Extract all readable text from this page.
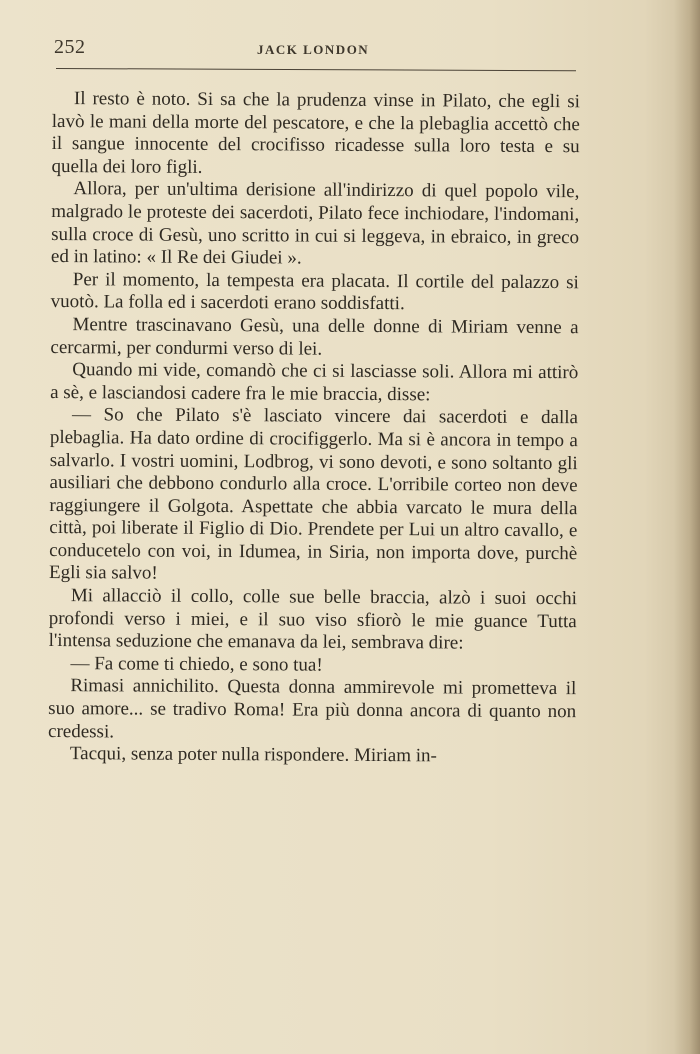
252	JACK LONDON

Il resto è noto. Si sa che la prudenza vinse in Pilato, che egli si lavò le mani della morte del pescatore, e che la plebaglia accettò che il sangue innocente del crocifisso ricadesse sulla loro testa e su quella dei loro figli.

Allora, per un'ultima derisione all'indirizzo di quel popolo vile, malgrado le proteste dei sacerdoti, Pilato fece inchiodare, l'indomani, sulla croce di Gesù, uno scritto in cui si leggeva, in ebraico, in greco ed in latino: « Il Re dei Giudei ».

Per il momento, la tempesta era placata. Il cortile del palazzo si vuotò. La folla ed i sacerdoti erano soddisfatti.

Mentre trascinavano Gesù, una delle donne di Miriam venne a cercarmi, per condurmi verso di lei.

Quando mi vide, comandò che ci si lasciasse soli. Allora mi attirò a sè, e lasciandosi cadere fra le mie braccia, disse:

— So che Pilato s'è lasciato vincere dai sacerdoti e dalla plebaglia. Ha dato ordine di crocifiggerlo. Ma si è ancora in tempo a salvarlo. I vostri uomini, Lodbrog, vi sono devoti, e sono soltanto gli ausiliari che debbono condurlo alla croce. L'orribile corteo non deve raggiungere il Golgota. Aspettate che abbia varcato le mura della città, poi liberate il Figlio di Dio. Prendete per Lui un altro cavallo, e conducetelo con voi, in Idumea, in Siria, non importa dove, purchè Egli sia salvo!

Mi allacciò il collo, colle sue belle braccia, alzò i suoi occhi profondi verso i miei, e il suo viso sfiorò le mie guance Tutta l'intensa seduzione che emanava da lei, sembrava dire:

— Fa come ti chiedo, e sono tua!

Rimasi annichilito. Questa donna ammirevole mi prometteva il suo amore... se tradivo Roma! Era più donna ancora di quanto non credessi.

Tacqui, senza poter nulla rispondere. Miriam in-
